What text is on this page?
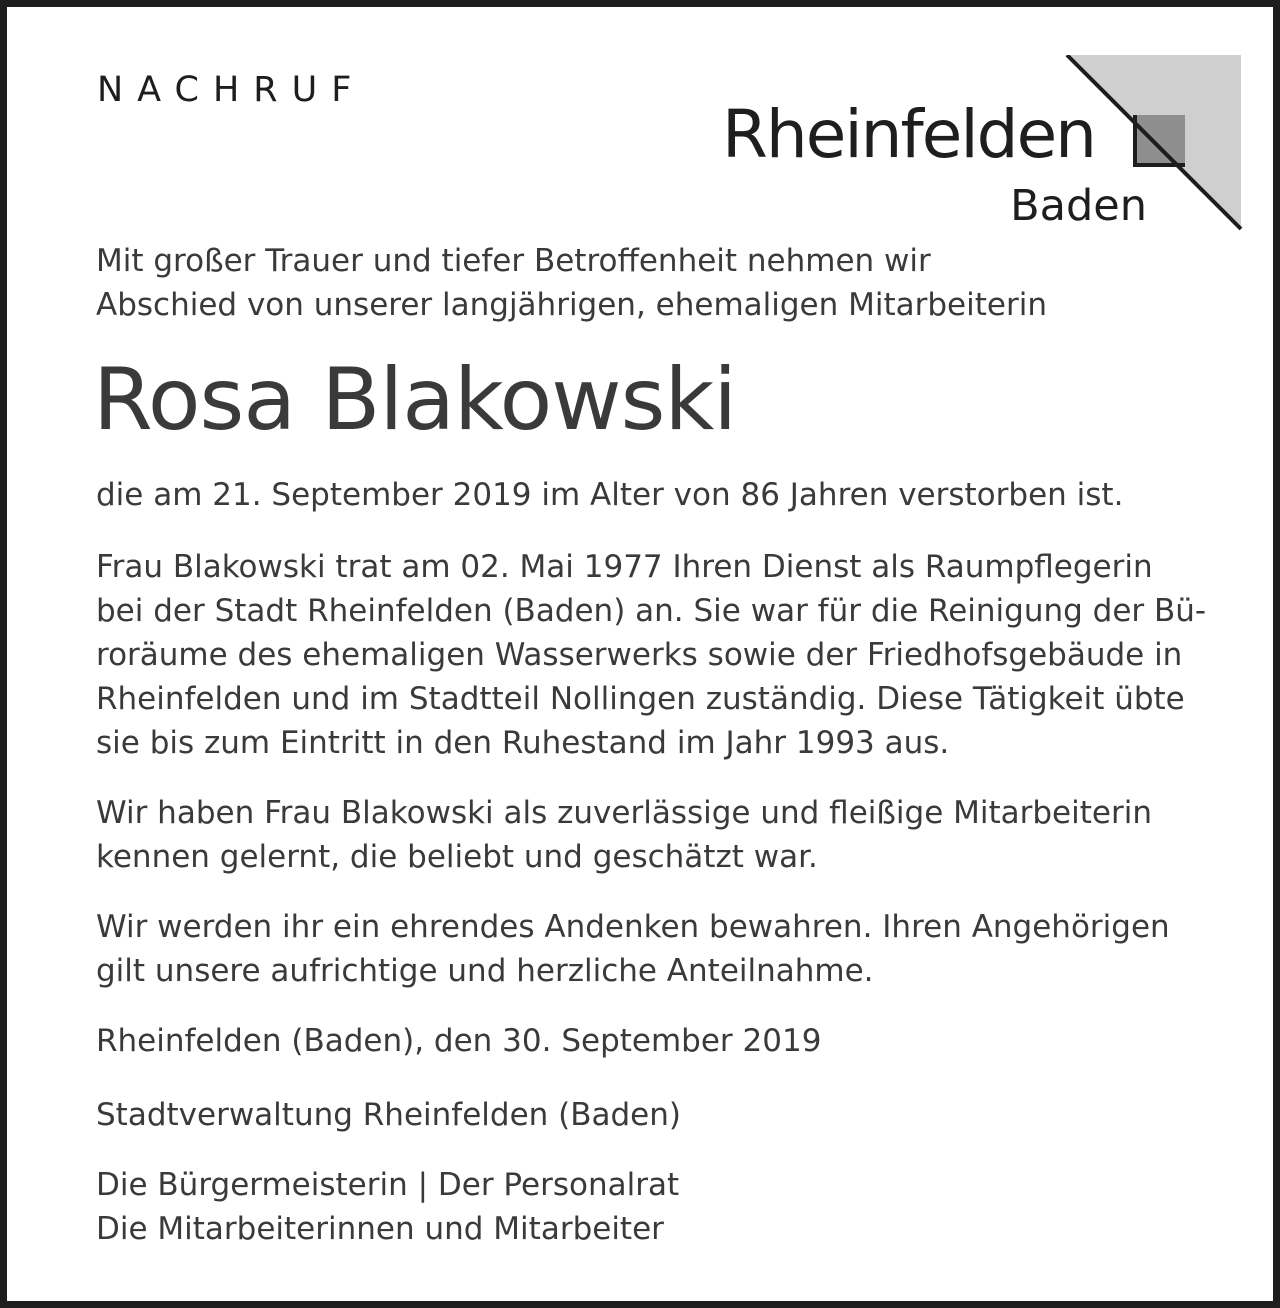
NACHRUF
Rheinfelden
Baden

Mit großer Trauer und tiefer Betroffenheit nehmen wir
Abschied von unserer langjährigen, ehemaligen Mitarbeiterin

Rosa Blakowski

die am 21. September 2019 im Alter von 86 Jahren verstorben ist.

Frau Blakowski trat am 02. Mai 1977 Ihren Dienst als Raumpflegerin
bei der Stadt Rheinfelden (Baden) an. Sie war für die Reinigung der Bü-
roräume des ehemaligen Wasserwerks sowie der Friedhofsgebäude in
Rheinfelden und im Stadtteil Nollingen zuständig. Diese Tätigkeit übte
sie bis zum Eintritt in den Ruhestand im Jahr 1993 aus.

Wir haben Frau Blakowski als zuverlässige und fleißige Mitarbeiterin
kennen gelernt, die beliebt und geschätzt war.

Wir werden ihr ein ehrendes Andenken bewahren. Ihren Angehörigen
gilt unsere aufrichtige und herzliche Anteilnahme.

Rheinfelden (Baden), den 30. September 2019

Stadtverwaltung Rheinfelden (Baden)

Die Bürgermeisterin | Der Personalrat
Die Mitarbeiterinnen und Mitarbeiter
